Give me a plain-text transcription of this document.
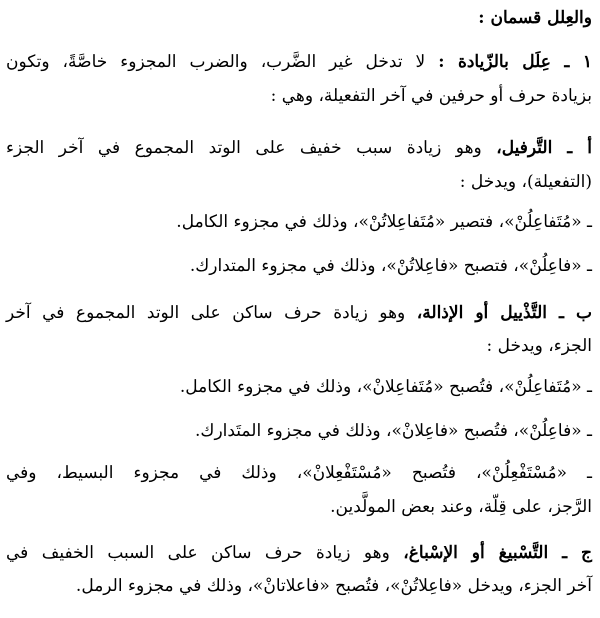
والعِلل قسمان :
١ ـ عِلَل بالزّيادة : لا تدخل غير الضَّرب، والضرب المجزوء خاصَّةً، وتكون
بزيادة حرف أو حرفين في آخر التفعيلة، وهي :
أ ـ التَّرفيل، وهو زيادة سبب خفيف على الوتد المجموع في آخر الجزء
(التفعيلة)، ويدخل :
ـ «مُتَفاعِلُنْ»، فتصير «مُتَفاعِلاتُنْ»، وذلك في مجزوء الكامل.
ـ «فاعِلُنْ»، فتصبح «فاعِلاتُنْ»، وذلك في مجزوء المتدارك.
ب ـ التَّذْييل أو الإذالة، وهو زيادة حرف ساكن على الوتد المجموع في آخر
الجزء، ويدخل :
ـ «مُتَفاعِلُنْ»، فتُصبح «مُتَفاعِلانْ»، وذلك في مجزوء الكامل.
ـ «فاعِلُنْ»، فتُصبح «فاعِلانْ»، وذلك في مجزوء المتَدارك.
ـ «مُسْتَفْعِلُنْ»، فتُصبح «مُسْتَفْعِلانْ»، وذلك في مجزوء البسيط، وفي
الرَّجز، على قِلّة، وعند بعض المولَّدين.
ج ـ التَّسْبيغ أو الإسْباغ، وهو زيادة حرف ساكن على السبب الخفيف في
آخر الجزء، ويدخل «فاعِلاتُنْ»، فتُصبح «فاعلاتانْ»، وذلك في مجزوء الرمل.
